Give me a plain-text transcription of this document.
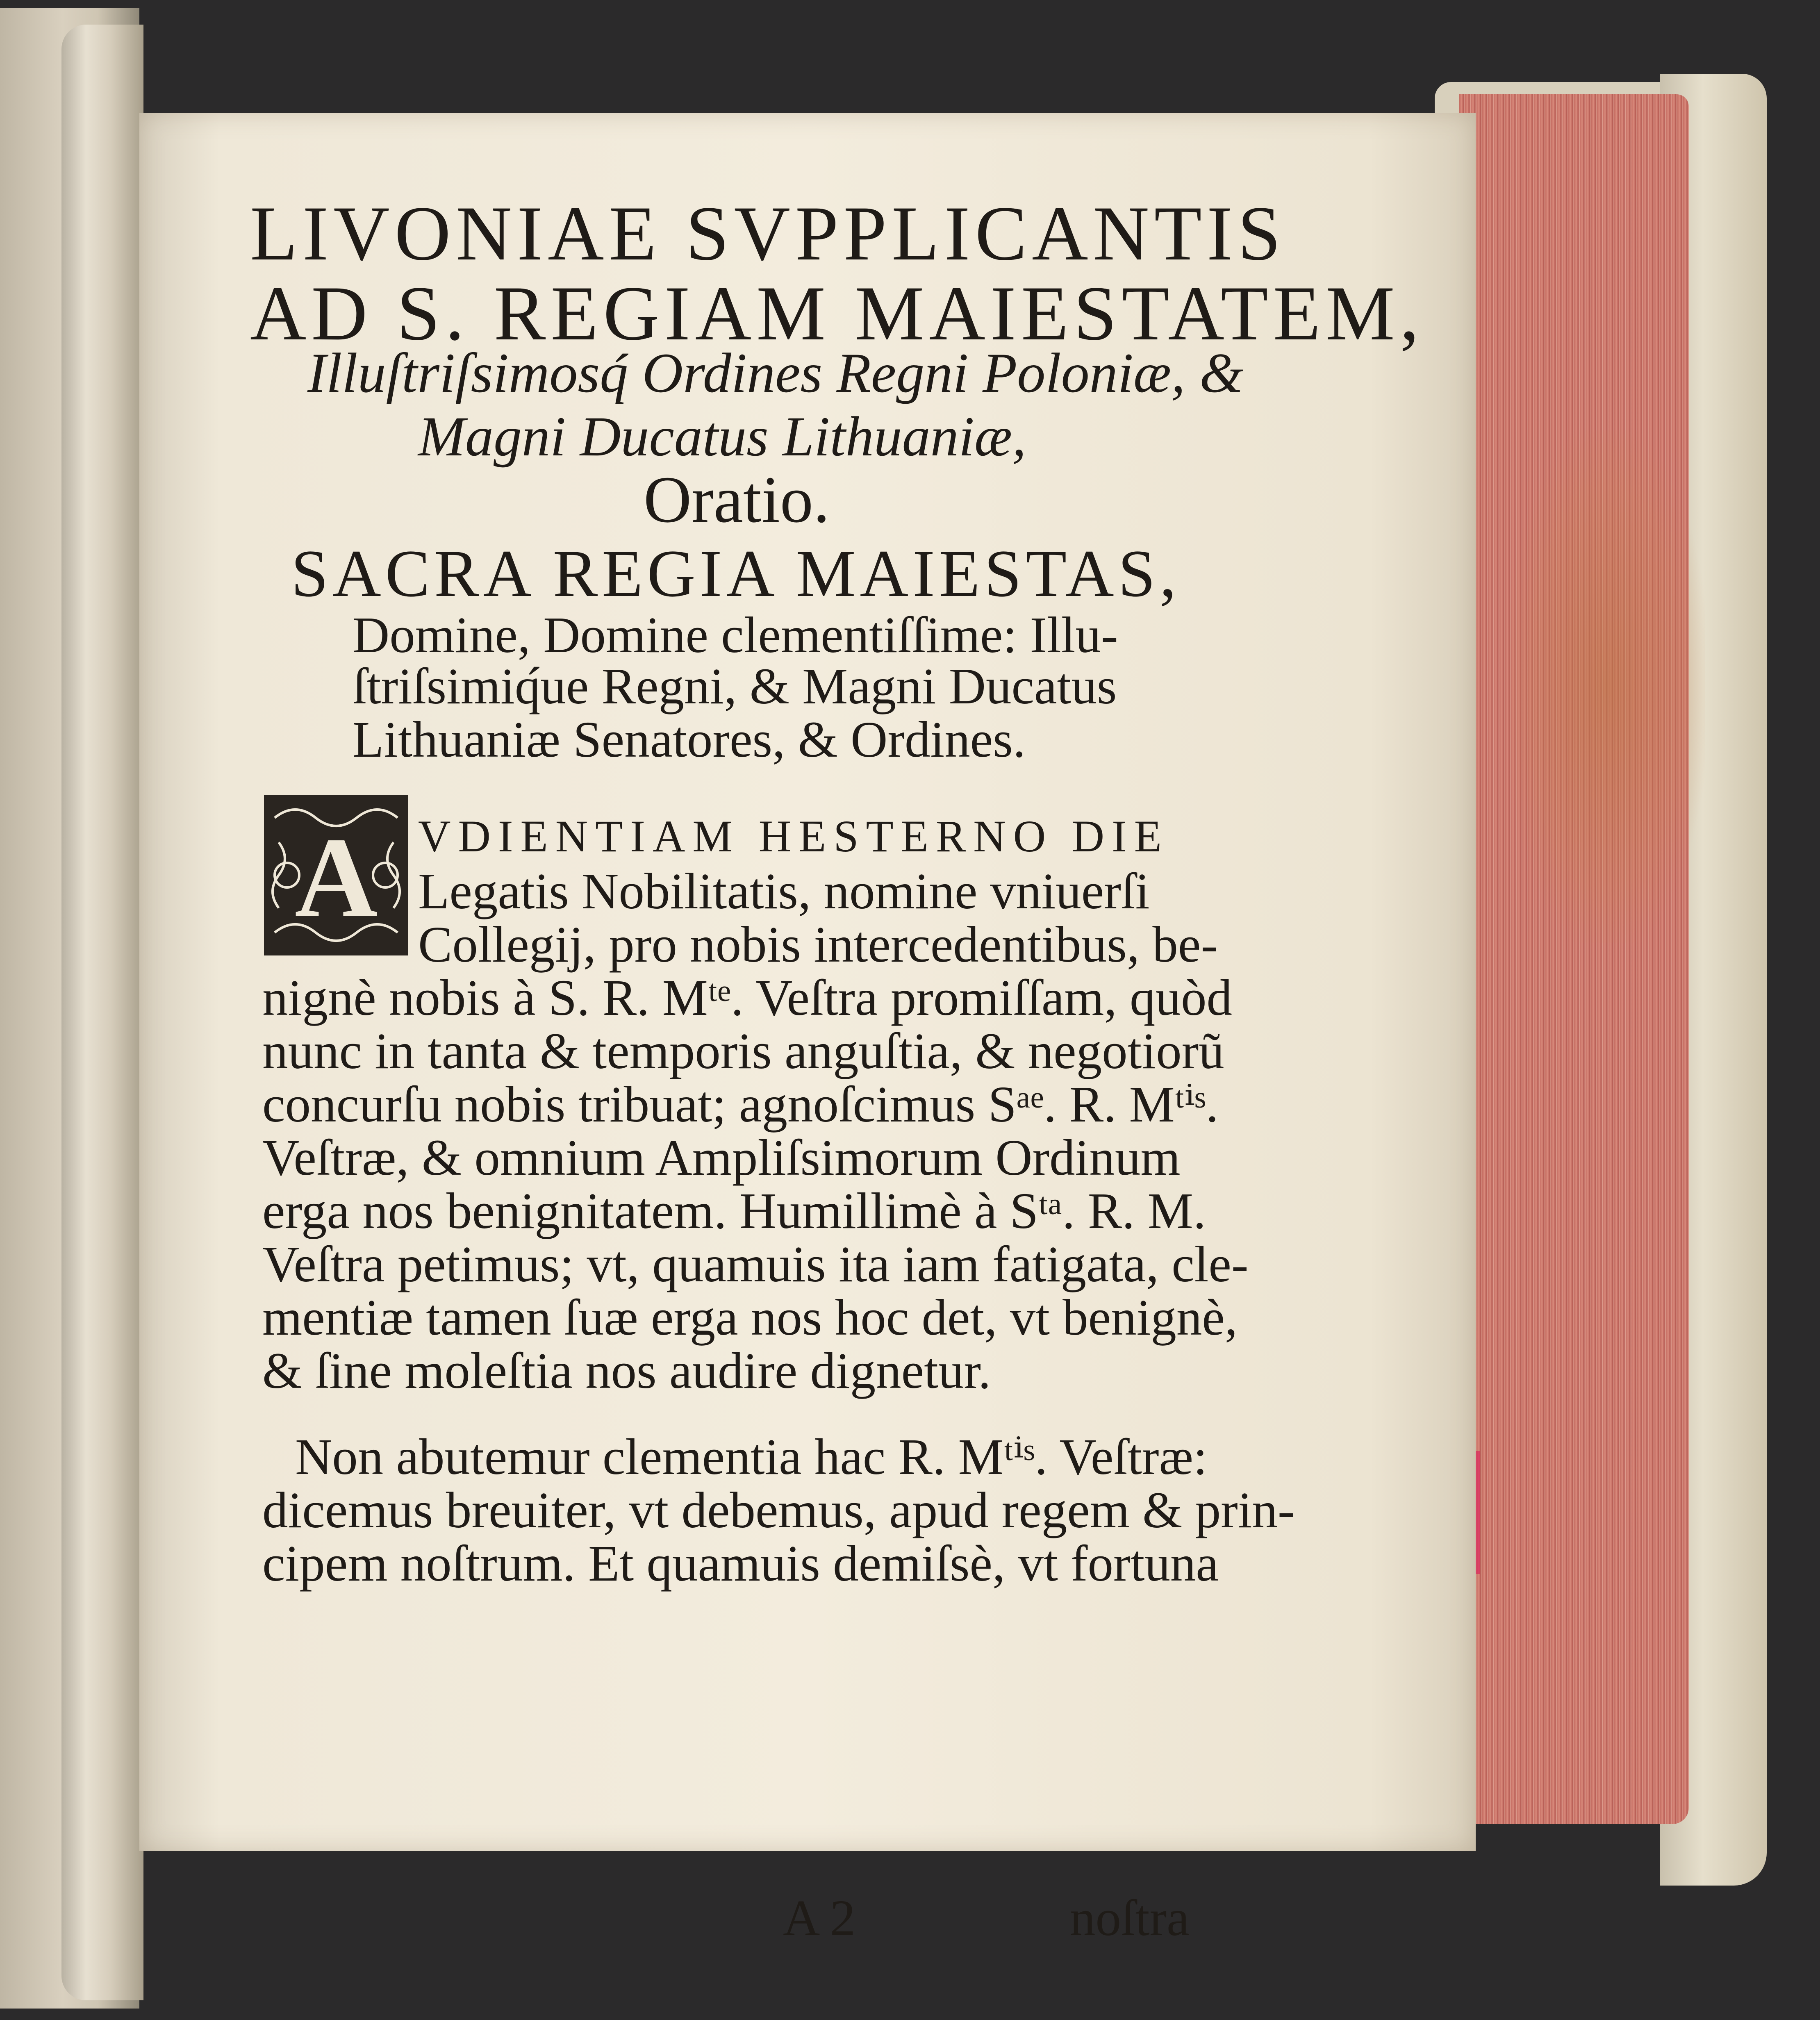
LIVONIAE SVPPLICANTIS
AD S. REGIAM MAIESTATEM,
Illuſtriſsimosq́ Ordines Regni Poloniæ, &
Magni Ducatus Lithuaniæ,
Oratio.
SACRA REGIA MAIESTAS,
Domine, Domine clementiſſime: Illu-
ſtriſsimiq́ue Regni, & Magni Ducatus
Lithuaniæ Senatores, & Ordines.
A VDIENTIAM HESTERNO DIE
Legatis Nobilitatis, nomine vniuerſi
Collegij, pro nobis intercedentibus, be-
nignè nobis à S. R. Mᵗᵉ. Veſtra promiſſam, quòd
nunc in tanta & temporis anguſtia, & negotiorũ
concurſu nobis tribuat; agnoſcimus Sᵃᵉ. R. Mᵗⁱˢ.
Veſtræ, & omnium Ampliſsimorum Ordinum
erga nos benignitatem. Humillimè à Sᵗᵃ. R. M.
Veſtra petimus; vt, quamuis ita iam fatigata, cle-
mentiæ tamen ſuæ erga nos hoc det, vt benignè,
& ſine moleſtia nos audire dignetur.
Non abutemur clementia hac R. Mᵗⁱˢ. Veſtræ:
dicemus breuiter, vt debemus, apud regem & prin-
cipem noſtrum. Et quamuis demiſsè, vt fortuna
A 2	noſtra
